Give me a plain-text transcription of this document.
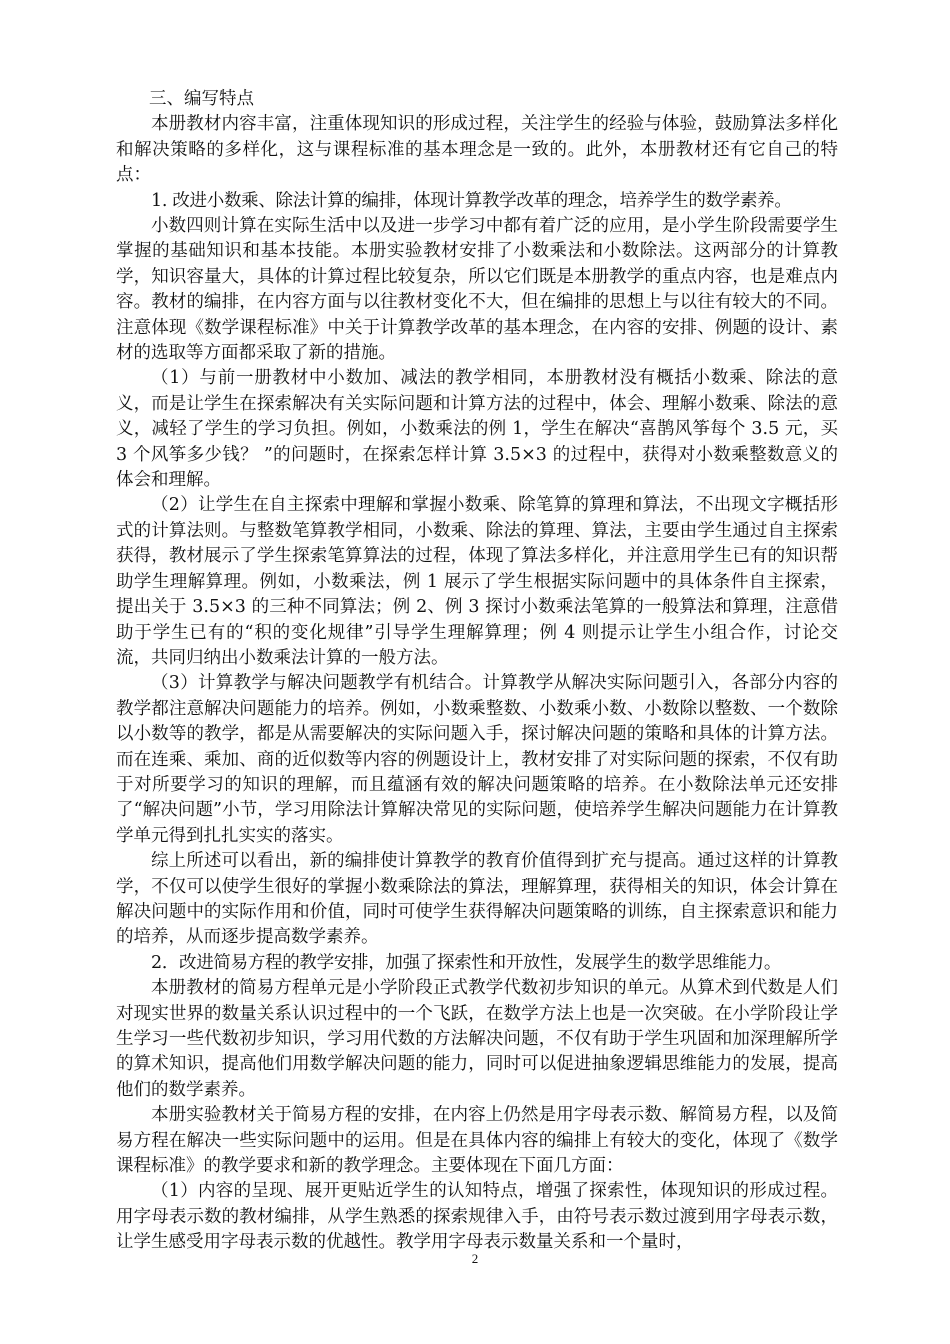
三、编写特点

本册教材内容丰富，注重体现知识的形成过程，关注学生的经验与体验，鼓励算法多样化和解决策略的多样化，这与课程标准的基本理念是一致的。此外，本册教材还有它自己的特点：

1. 改进小数乘、除法计算的编排，体现计算教学改革的理念，培养学生的数学素养。

小数四则计算在实际生活中以及进一步学习中都有着广泛的应用，是小学生阶段需要学生掌握的基础知识和基本技能。本册实验教材安排了小数乘法和小数除法。这两部分的计算教学，知识容量大，具体的计算过程比较复杂，所以它们既是本册教学的重点内容，也是难点内容。教材的编排，在内容方面与以往教材变化不大，但在编排的思想上与以往有较大的不同。注意体现《数学课程标准》中关于计算教学改革的基本理念，在内容的安排、例题的设计、素材的选取等方面都采取了新的措施。

（1）与前一册教材中小数加、减法的教学相同，本册教材没有概括小数乘、除法的意义，而是让学生在探索解决有关实际问题和计算方法的过程中，体会、理解小数乘、除法的意义，减轻了学生的学习负担。例如，小数乘法的例 1，学生在解决“喜鹊风筝每个 3.5 元，买 3 个风筝多少钱？ ”的问题时，在探索怎样计算 3.5×3 的过程中，获得对小数乘整数意义的体会和理解。

（2）让学生在自主探索中理解和掌握小数乘、除笔算的算理和算法，不出现文字概括形式的计算法则。与整数笔算教学相同，小数乘、除法的算理、算法，主要由学生通过自主探索获得，教材展示了学生探索笔算算法的过程，体现了算法多样化，并注意用学生已有的知识帮助学生理解算理。例如，小数乘法，例 1 展示了学生根据实际问题中的具体条件自主探索，提出关于 3.5×3 的三种不同算法；例 2、例 3 探讨小数乘法笔算的一般算法和算理，注意借助于学生已有的“积的变化规律”引导学生理解算理；例 4 则提示让学生小组合作，讨论交流，共同归纳出小数乘法计算的一般方法。

（3）计算教学与解决问题教学有机结合。计算教学从解决实际问题引入，各部分内容的教学都注意解决问题能力的培养。例如，小数乘整数、小数乘小数、小数除以整数、一个数除以小数等的教学，都是从需要解决的实际问题入手，探讨解决问题的策略和具体的计算方法。而在连乘、乘加、商的近似数等内容的例题设计上，教材安排了对实际问题的探索，不仅有助于对所要学习的知识的理解，而且蕴涵有效的解决问题策略的培养。在小数除法单元还安排了“解决问题”小节，学习用除法计算解决常见的实际问题，使培养学生解决问题能力在计算教学单元得到扎扎实实的落实。

综上所述可以看出，新的编排使计算教学的教育价值得到扩充与提高。通过这样的计算教学，不仅可以使学生很好的掌握小数乘除法的算法，理解算理，获得相关的知识，体会计算在解决问题中的实际作用和价值，同时可使学生获得解决问题策略的训练，自主探索意识和能力的培养，从而逐步提高数学素养。

2．改进简易方程的教学安排，加强了探索性和开放性，发展学生的数学思维能力。

本册教材的简易方程单元是小学阶段正式教学代数初步知识的单元。从算术到代数是人们对现实世界的数量关系认识过程中的一个飞跃，在数学方法上也是一次突破。在小学阶段让学生学习一些代数初步知识，学习用代数的方法解决问题，不仅有助于学生巩固和加深理解所学的算术知识，提高他们用数学解决问题的能力，同时可以促进抽象逻辑思维能力的发展，提高他们的数学素养。

本册实验教材关于简易方程的安排，在内容上仍然是用字母表示数、解简易方程，以及简易方程在解决一些实际问题中的运用。但是在具体内容的编排上有较大的变化，体现了《数学课程标准》的教学要求和新的教学理念。主要体现在下面几方面：

（1）内容的呈现、展开更贴近学生的认知特点，增强了探索性，体现知识的形成过程。用字母表示数的教材编排，从学生熟悉的探索规律入手，由符号表示数过渡到用字母表示数，让学生感受用字母表示数的优越性。教学用字母表示数量关系和一个量时，

2
